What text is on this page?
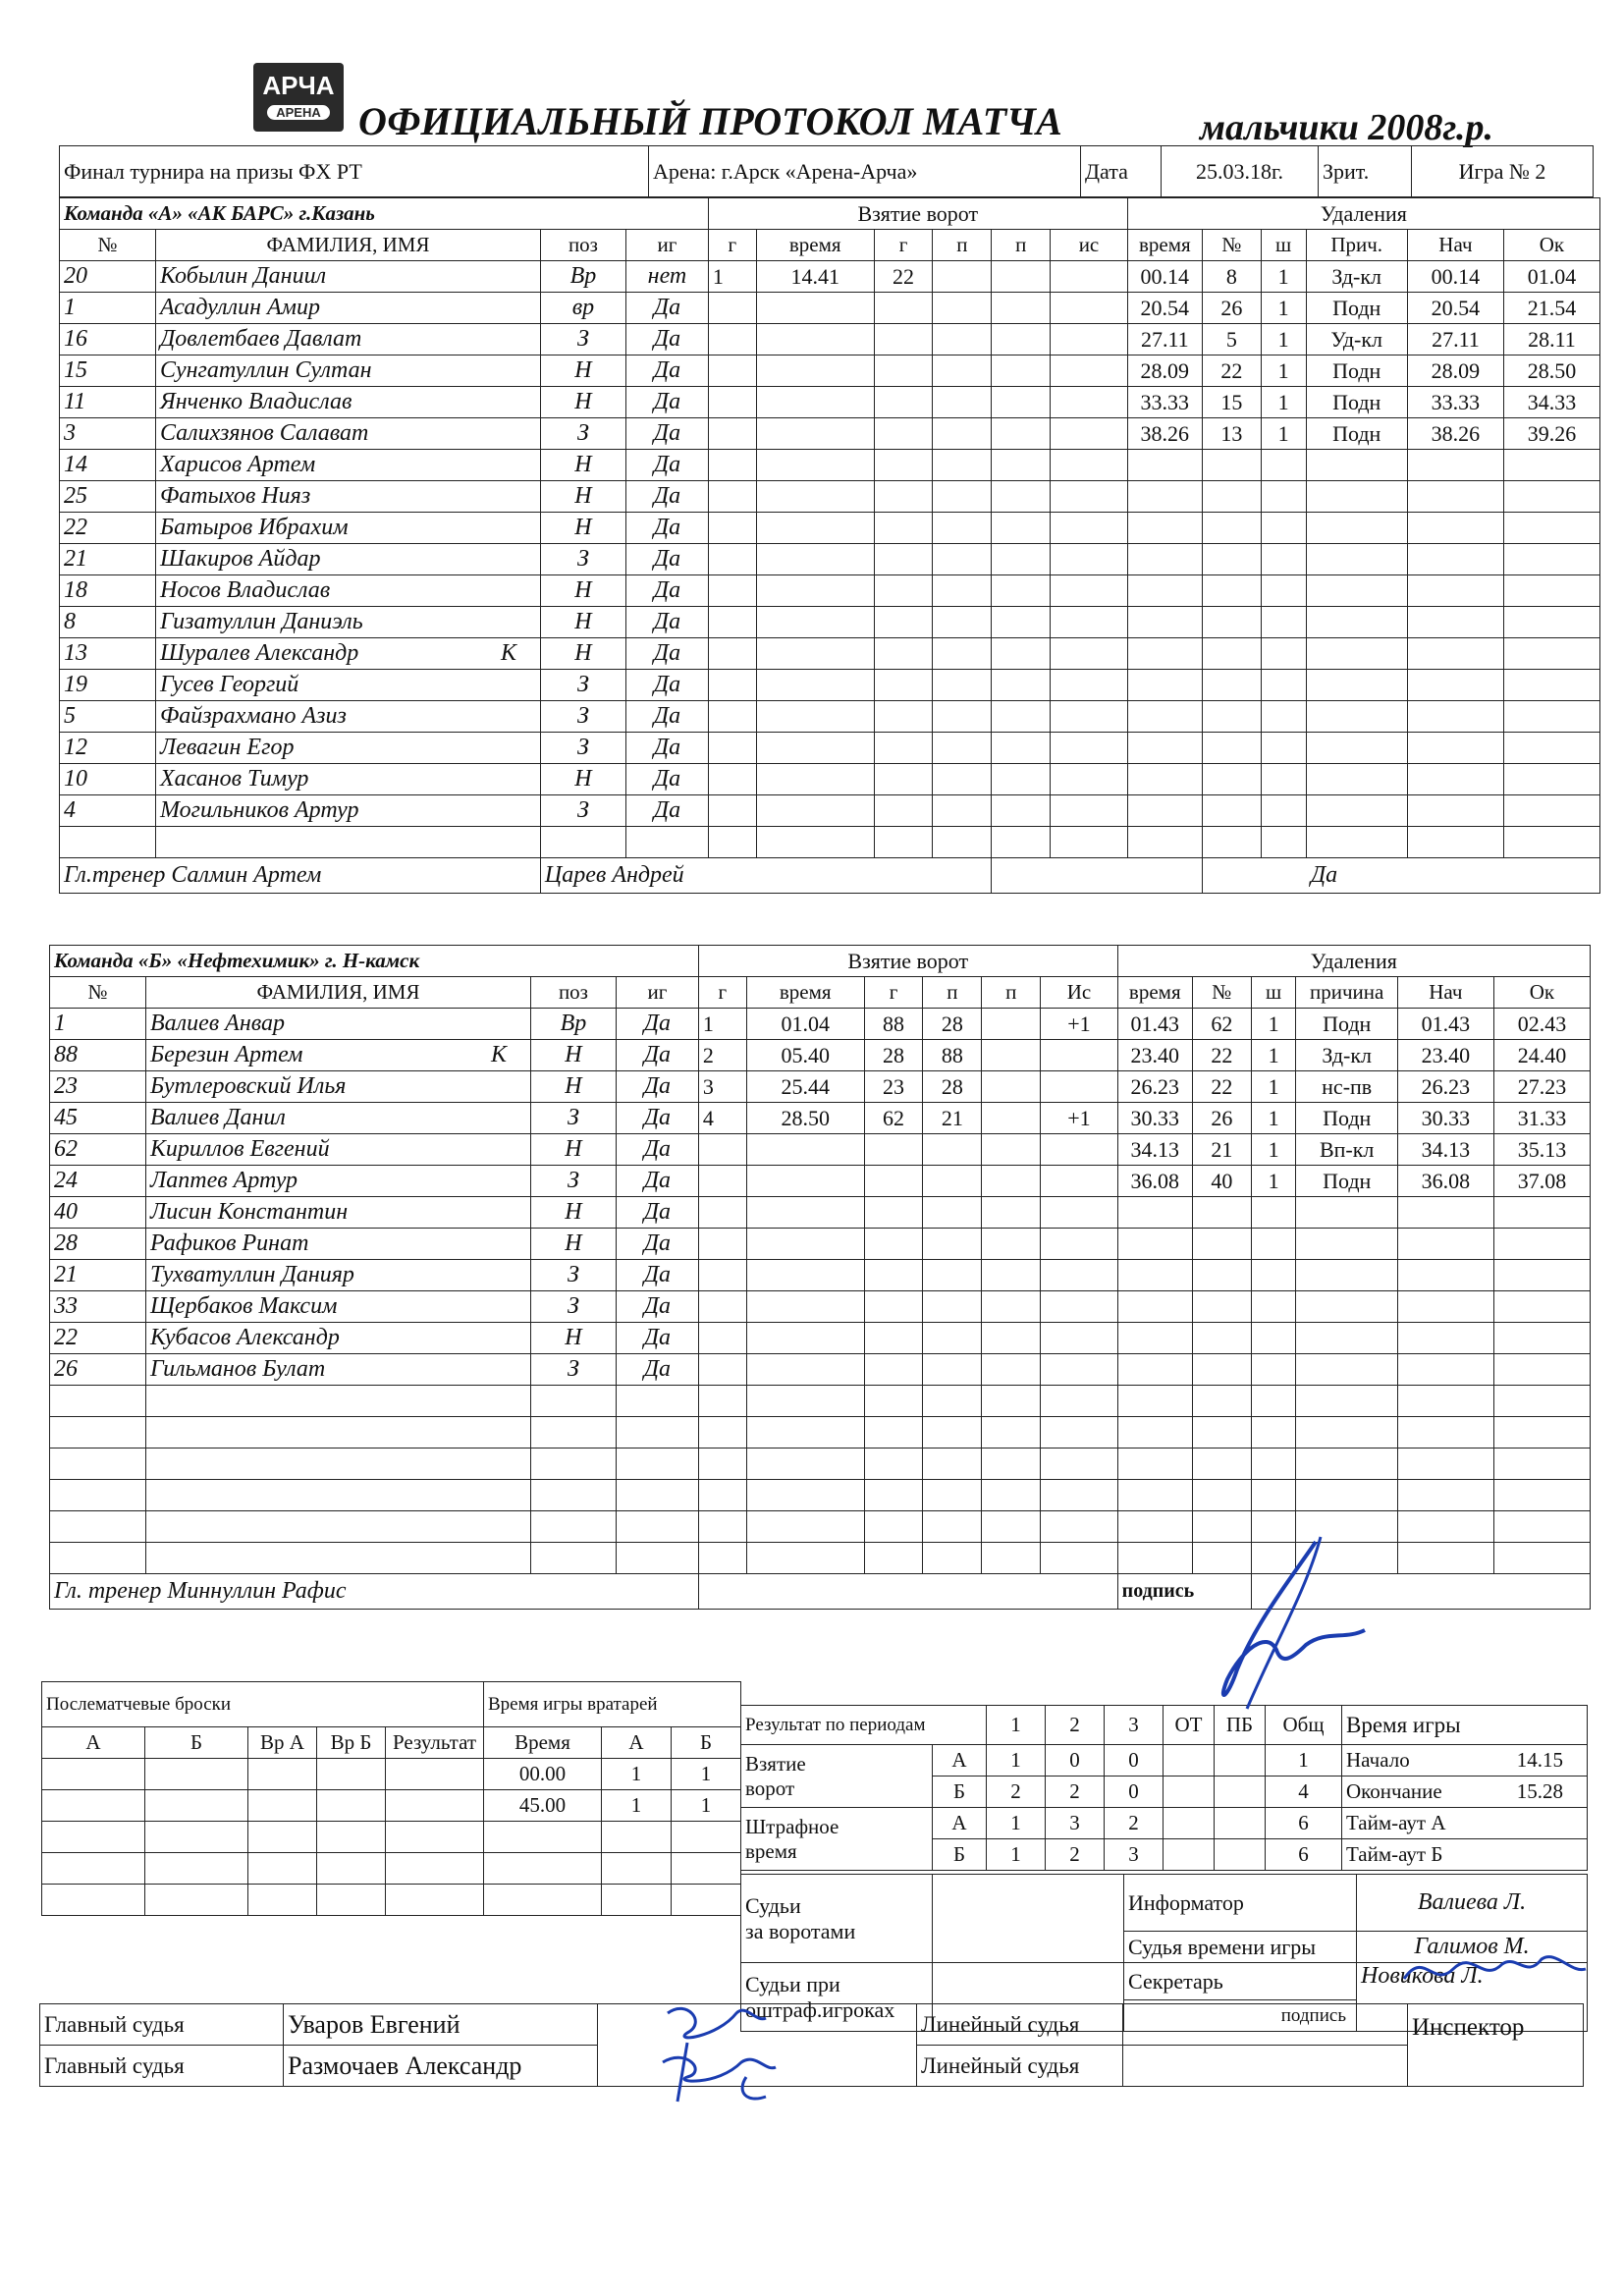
АРЧА
АРЕНА ОФИЦИАЛЬНЫЙ ПРОТОКОЛ МАТЧА	мальчики 2008г.р.
Финал турнира на призы ФХ РТ	Арена: г.Арск «Арена-Арча»	Дата	25.03.18г.	Зрит.	Игра № 2
Команда «А» «АК БАРС» г.Казань				Взятие ворот						Удаления					
№	ФАМИЛИЯ, ИМЯ	поз	иг	г	время	г	п	п	ис	время	№	ш	Прич.	Нач	Ок
20	Кобылин Даниил	Вр	нет	1	14.41	22				00.14	8	1	Зд-кл	00.14	01.04
1	Асадуллин Амир	вр	Да							20.54	26	1	Подн	20.54	21.54
16	Довлетбаев Давлат	З	Да							27.11	5	1	Уд-кл	27.11	28.11
15	Сунгатуллин Султан	Н	Да							28.09	22	1	Подн	28.09	28.50
11	Янченко Владислав	Н	Да							33.33	15	1	Подн	33.33	34.33
3	Салихзянов Салават	З	Да							38.26	13	1	Подн	38.26	39.26
14	Харисов Артем	Н	Да												
25	Фатыхов Нияз	Н	Да												
22	Батыров Ибрахим	Н	Да												
21	Шакиров Айдар	З	Да												
18	Носов Владислав	Н	Да												
8	Гизатуллин Даниэль	Н	Да												
13	Шуралев Александр К	Н	Да												
19	Гусев Георгий	З	Да												
5	Файзрахмано Азиз	З	Да												
12	Левагин Егор	З	Да												
10	Хасанов Тимур	Н	Да												
4	Могильников Артур	З	Да												

Гл.тренер Салмин Артем		Царев Андрей									Да				
Команда «Б» «Нефтехимик» г. Н-камск				Взятие ворот						Удаления					
№	ФАМИЛИЯ, ИМЯ	поз	иг	г	время	г	п	п	Ис	время	№	ш	причина	Нач	Ок
1	Валиев Анвар	Вр	Да	1	01.04	88	28		+1	01.43	62	1	Подн	01.43	02.43
88	Березин Артем К	Н	Да	2	05.40	28	88			23.40	22	1	Зд-кл	23.40	24.40
23	Бутлеровский Илья	Н	Да	3	25.44	23	28			26.23	22	1	нс-пв	26.23	27.23
45	Валиев Данил	З	Да	4	28.50	62	21		+1	30.33	26	1	Подн	30.33	31.33
62	Кириллов Евгений	Н	Да							34.13	21	1	Вп-кл	34.13	35.13
24	Лаптев Артур	З	Да							36.08	40	1	Подн	36.08	37.08
40	Лисин Константин	Н	Да												
28	Рафиков Ринат	Н	Да												
21	Тухватуллин Данияр	З	Да												
33	Щербаков Максим	З	Да												
22	Кубасов Александр	Н	Да												
26	Гильманов Булат	З	Да												

Гл. тренер Миннуллин Рафис										подпись					
Послематчевые броски				
А	Б	Вр А	Вр Б	Результат

Время игры вратарей		
Время	А	Б
00.00	1	1
45.00	1	1

Результат по периодам		1	2	3	ОТ	ПБ	Общ	Время игры
Взятие
ворот	А	1	0	0			1	Начало 14.15

	Б	2	2	0			4	Окончание 15.28

Штрафное
время	А	1	3	2			6	Тайм-аут А
	Б	1	2	3			6	Тайм-аут Б
Судьи
за воротами		Информатор	Валиева Л.
		Судья времени игры	Галимов М.
Судьи при
оштраф.игроках		Секретарь	Новикова Л.
		подпись	
Главный судья	Уваров Евгений		Линейный судья		Инспектор
Главный судья	Размочаев Александр		Линейный судья		
